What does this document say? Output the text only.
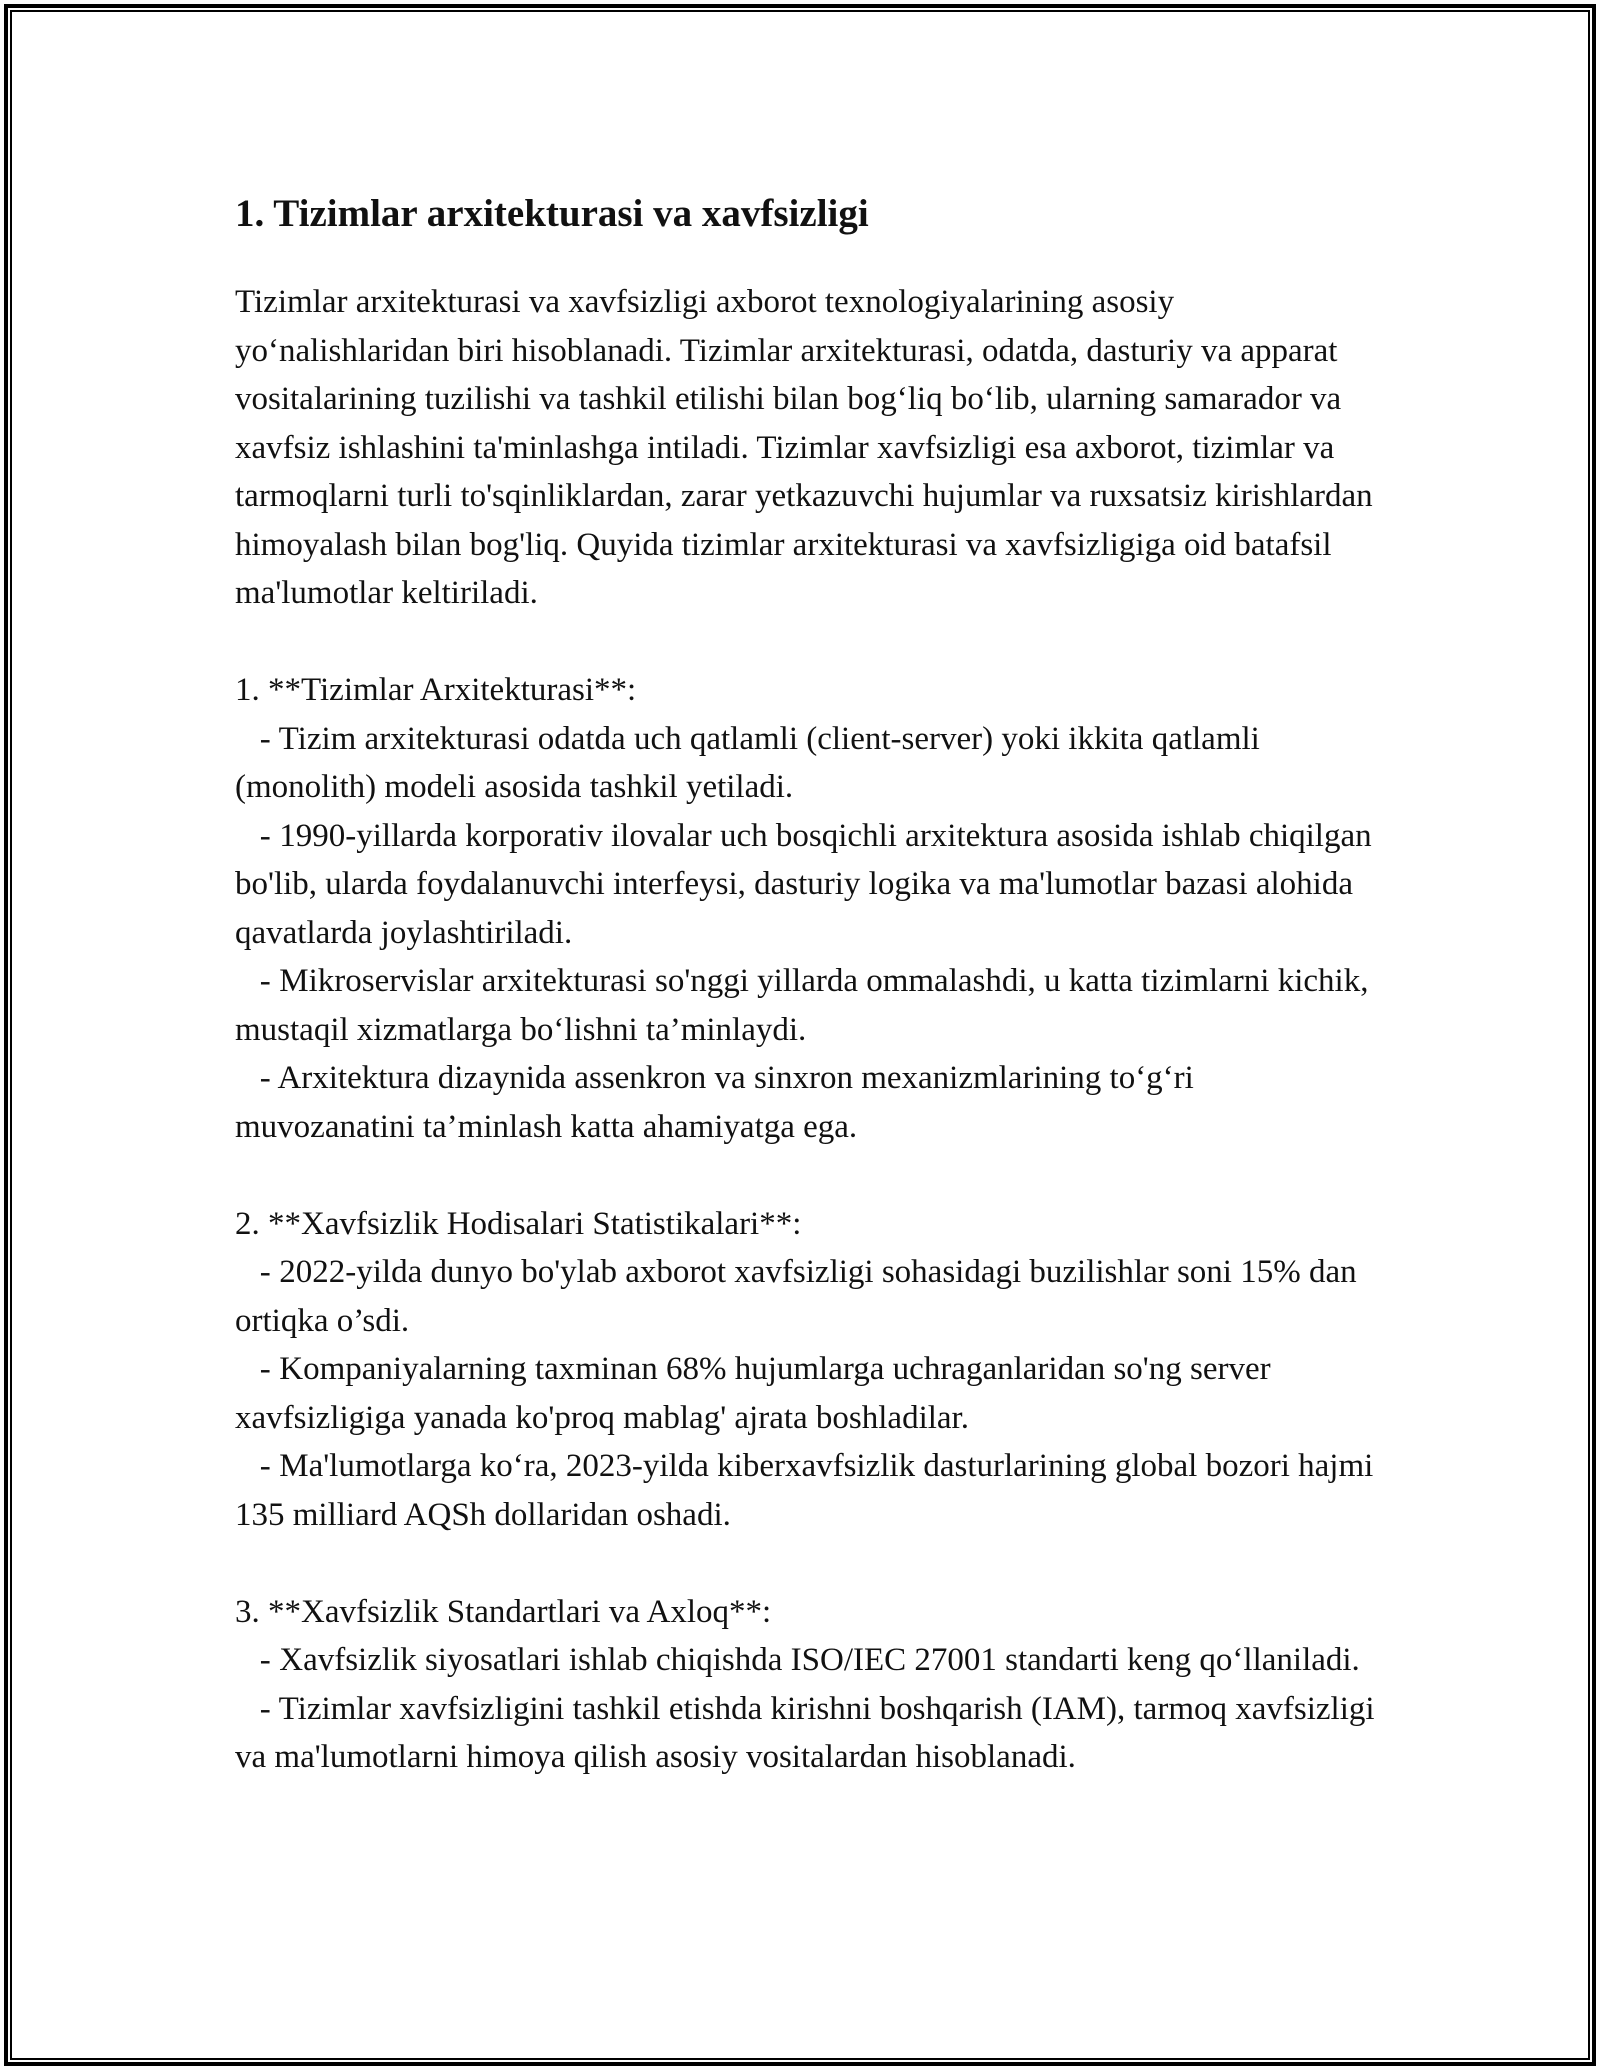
1. Tizimlar arxitekturasi va xavfsizligi

Tizimlar arxitekturasi va xavfsizligi axborot texnologiyalarining asosiy yo‘nalishlaridan biri hisoblanadi. Tizimlar arxitekturasi, odatda, dasturiy va apparat vositalarining tuzilishi va tashkil etilishi bilan bog‘liq bo‘lib, ularning samarador va xavfsiz ishlashini ta'minlashga intiladi. Tizimlar xavfsizligi esa axborot, tizimlar va tarmoqlarni turli to'sqinliklardan, zarar yetkazuvchi hujumlar va ruxsatsiz kirishlardan himoyalash bilan bog'liq. Quyida tizimlar arxitekturasi va xavfsizligiga oid batafsil ma'lumotlar keltiriladi.

1. **Tizimlar Arxitekturasi**:

- Tizim arxitekturasi odatda uch qatlamli (client-server) yoki ikkita qatlamli (monolith) modeli asosida tashkil yetiladi.

- 1990-yillarda korporativ ilovalar uch bosqichli arxitektura asosida ishlab chiqilgan bo'lib, ularda foydalanuvchi interfeysi, dasturiy logika va ma'lumotlar bazasi alohida qavatlarda joylashtiriladi.

- Mikroservislar arxitekturasi so'nggi yillarda ommalashdi, u katta tizimlarni kichik, mustaqil xizmatlarga bo‘lishni ta’minlaydi.

- Arxitektura dizaynida assenkron va sinxron mexanizmlarining to‘g‘ri muvozanatini ta’minlash katta ahamiyatga ega.

2. **Xavfsizlik Hodisalari Statistikalari**:

- 2022-yilda dunyo bo'ylab axborot xavfsizligi sohasidagi buzilishlar soni 15% dan ortiqka o’sdi.

- Kompaniyalarning taxminan 68% hujumlarga uchraganlaridan so'ng server xavfsizligiga yanada ko'proq mablag' ajrata boshladilar.

- Ma'lumotlarga ko‘ra, 2023-yilda kiberxavfsizlik dasturlarining global bozori hajmi 135 milliard AQSh dollaridan oshadi.

3. **Xavfsizlik Standartlari va Axloq**:

- Xavfsizlik siyosatlari ishlab chiqishda ISO/IEC 27001 standarti keng qo‘llaniladi.

- Tizimlar xavfsizligini tashkil etishda kirishni boshqarish (IAM), tarmoq xavfsizligi va ma'lumotlarni himoya qilish asosiy vositalardan hisoblanadi.
